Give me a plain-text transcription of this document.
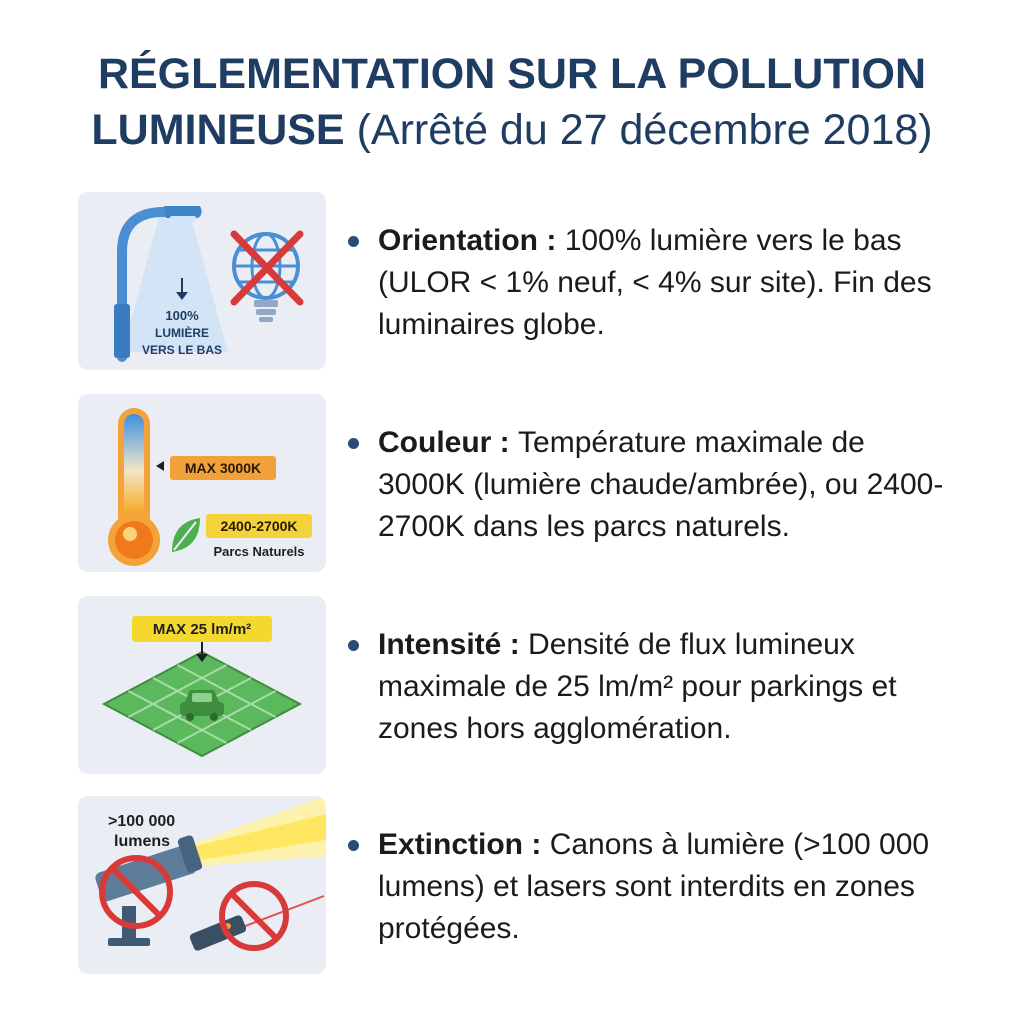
RÉGLEMENTATION SUR LA POLLUTION
LUMINEUSE (Arrêté du 27 décembre 2018)
100%
LUMIÈRE
VERS LE BAS
Orientation : 100% lumière vers le bas (ULOR < 1% neuf, < 4% sur site). Fin des luminaires globe.
MAX 3000K
2400-2700K
Parcs Naturels
Couleur : Température maximale de 3000K (lumière chaude/ambrée), ou 2400-2700K dans les parcs naturels.
MAX 25 lm/m²	Intensité : Densité de flux lumineux maximale de 25 lm/m² pour parkings et zones hors agglomération.
>100 000
lumens	Extinction : Canons à lumière (>100 000 lumens) et lasers sont interdits en zones protégées.
